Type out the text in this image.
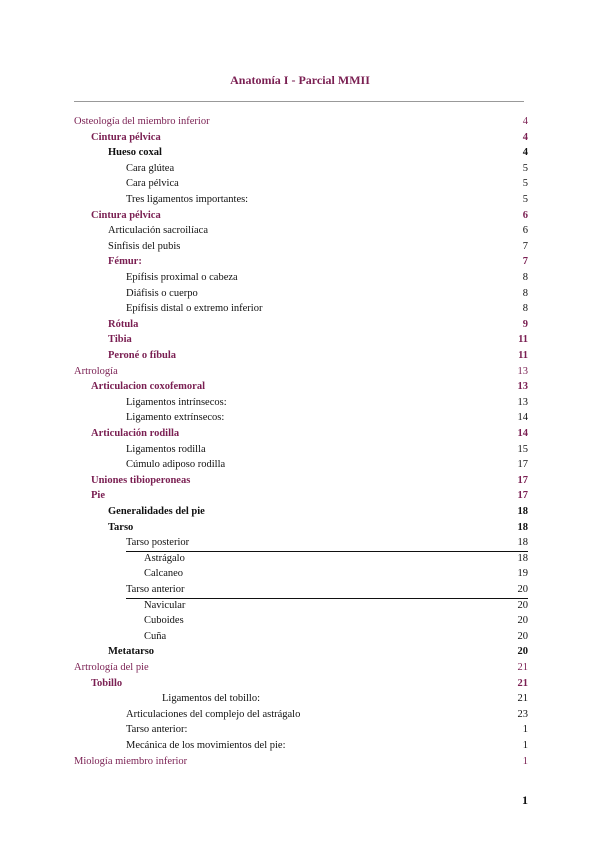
Anatomía I - Parcial MMII
Osteología del miembro inferior	4
Cintura pélvica	4
Hueso coxal	4
Cara glútea	5
Cara pélvica	5
Tres ligamentos importantes:	5
Cintura pélvica	6
Articulación sacroilíaca	6
Sínfisis del pubis	7
Fémur:	7
Epífisis proximal o cabeza	8
Diáfisis o cuerpo	8
Epífisis distal o extremo inferior	8
Rótula	9
Tibia	11
Peroné o fíbula	11
Artrología	13
Articulacion coxofemoral	13
Ligamentos intrínsecos:	13
Ligamento extrínsecos:	14
Articulación rodilla	14
Ligamentos rodilla	15
Cúmulo adiposo rodilla	17
Uniones tibioperoneas	17
Pie	17
Generalidades del pie	18
Tarso	18
Tarso posterior	18
Astrágalo	18
Calcaneo	19
Tarso anterior	20
Navicular	20
Cuboides	20
Cuña	20
Metatarso	20
Artrología del pie	21
Tobillo	21
Ligamentos del tobillo:	21
Articulaciones del complejo del astrágalo	23
Tarso anterior:	1
Mecánica de los movimientos del pie:	1
Miología miembro inferior	1
1
